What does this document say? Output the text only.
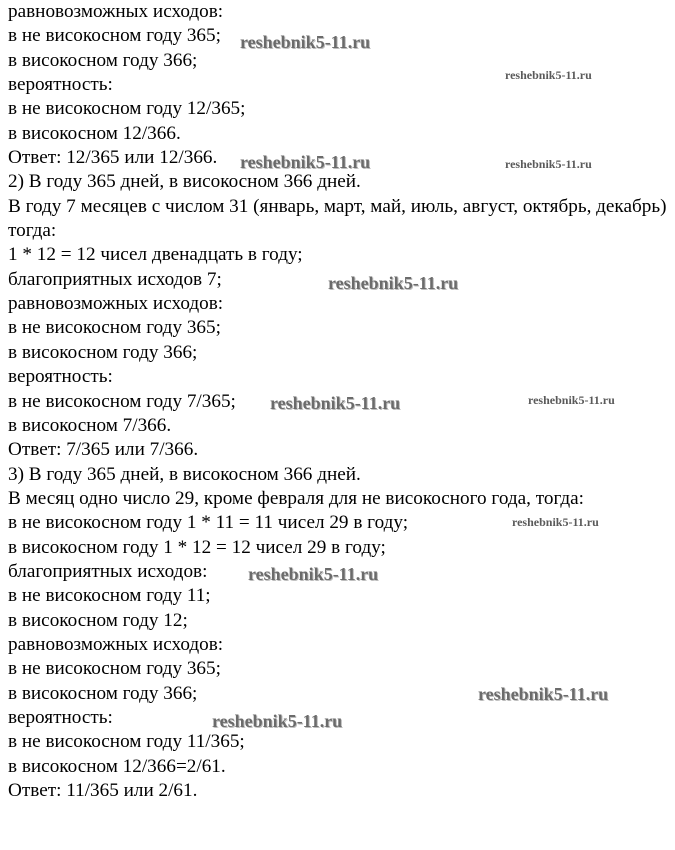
равновозможных исходов:
в не високосном году 365;
в високосном году 366;
вероятность:
в не високосном году 12/365;
в високосном 12/366.
Ответ: 12/365 или 12/366.
2) В году 365 дней, в високосном 366 дней.
В году 7 месяцев с числом 31 (январь, март, май, июль, август, октябрь, декабрь) тогда:
1 * 12 = 12 чисел двенадцать в году;
благоприятных исходов 7;
равновозможных исходов:
в не високосном году 365;
в високосном году 366;
вероятность:
в не високосном году 7/365;
в високосном 7/366.
Ответ: 7/365 или 7/366.
3) В году 365 дней, в високосном 366 дней.
В месяц одно число 29, кроме февраля для не високосного года, тогда:
в не високосном году 1 * 11 = 11 чисел 29 в году;
в високосном году 1 * 12 = 12 чисел 29 в году;
благоприятных исходов:
в не високосном году 11;
в високосном году 12;
равновозможных исходов:
в не високосном году 365;
в високосном году 366;
вероятность:
в не високосном году 11/365;
в високосном 12/366=2/61.
Ответ: 11/365 или 2/61.
reshebnik5-11.ru
reshebnik5-11.ru
reshebnik5-11.ru	reshebnik5-11.ru
reshebnik5-11.ru
reshebnik5-11.ru	reshebnik5-11.ru
reshebnik5-11.ru
reshebnik5-11.ru
reshebnik5-11.ru
reshebnik5-11.ru
